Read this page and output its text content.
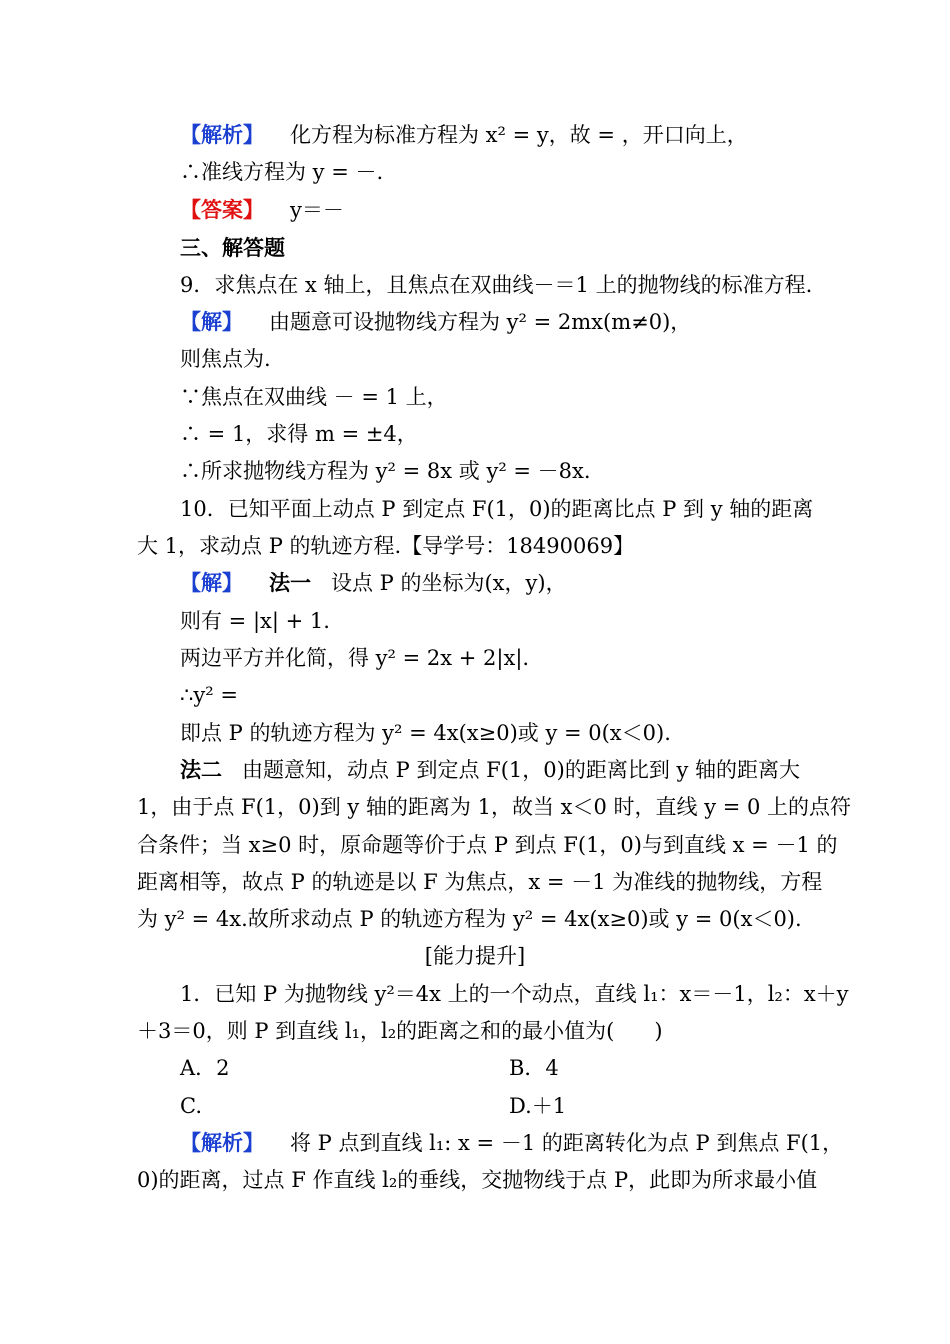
【解析】 化方程为标准方程为 x² = y，故 = ，开口向上，
∴准线方程为 y = －.
【答案】 y＝－
三、解答题
9．求焦点在 x 轴上，且焦点在双曲线－＝1 上的抛物线的标准方程.
【解】 由题意可设抛物线方程为 y² = 2mx(m≠0)，
则焦点为.
∵焦点在双曲线 － = 1 上，
∴ = 1，求得 m = ±4，
∴所求抛物线方程为 y² = 8x 或 y² = －8x.
10．已知平面上动点 P 到定点 F(1，0)的距离比点 P 到 y 轴的距离
大 1，求动点 P 的轨迹方程.【导学号：18490069】
【解】 法一 设点 P 的坐标为(x，y)，
则有 = |x| + 1.
两边平方并化简，得 y² = 2x + 2|x|.
∴y² =
即点 P 的轨迹方程为 y² = 4x(x≥0)或 y = 0(x＜0).
法二 由题意知，动点 P 到定点 F(1，0)的距离比到 y 轴的距离大
1，由于点 F(1，0)到 y 轴的距离为 1，故当 x＜0 时，直线 y = 0 上的点符
合条件；当 x≥0 时，原命题等价于点 P 到点 F(1，0)与到直线 x = －1 的
距离相等，故点 P 的轨迹是以 F 为焦点，x = －1 为准线的抛物线，方程
为 y² = 4x.故所求动点 P 的轨迹方程为 y² = 4x(x≥0)或 y = 0(x＜0).
[能力提升]
1．已知 P 为抛物线 y²＝4x 上的一个动点，直线 l₁：x＝－1，l₂：x＋y
＋3＝0，则 P 到直线 l₁，l₂的距离之和的最小值为( )
A．2	B．4
C.	D.＋1
【解析】 将 P 点到直线 l₁: x = －1 的距离转化为点 P 到焦点 F(1，
0)的距离，过点 F 作直线 l₂的垂线，交抛物线于点 P，此即为所求最小值
